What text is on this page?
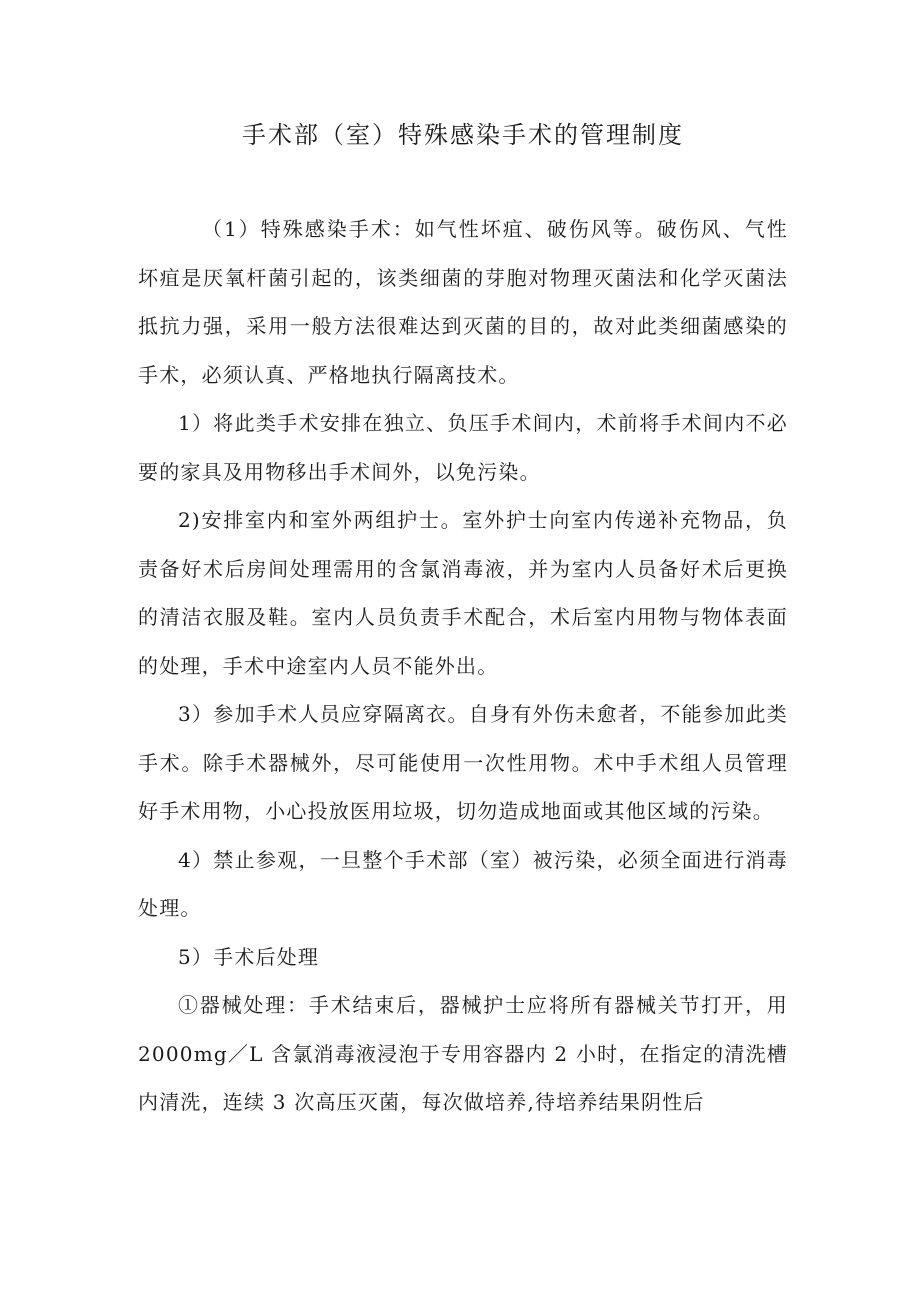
手术部（室）特殊感染手术的管理制度

（1）特殊感染手术：如气性坏疽、破伤风等。破伤风、气性坏疽是厌氧杆菌引起的，该类细菌的芽胞对物理灭菌法和化学灭菌法抵抗力强，采用一般方法很难达到灭菌的目的，故对此类细菌感染的手术，必须认真、严格地执行隔离技术。

1）将此类手术安排在独立、负压手术间内，术前将手术间内不必要的家具及用物移出手术间外，以免污染。

2)安排室内和室外两组护士。室外护士向室内传递补充物品，负责备好术后房间处理需用的含氯消毒液，并为室内人员备好术后更换的清洁衣服及鞋。室内人员负责手术配合，术后室内用物与物体表面的处理，手术中途室内人员不能外出。

3）参加手术人员应穿隔离衣。自身有外伤未愈者，不能参加此类手术。除手术器械外，尽可能使用一次性用物。术中手术组人员管理好手术用物，小心投放医用垃圾，切勿造成地面或其他区域的污染。

4）禁止参观，一旦整个手术部（室）被污染，必须全面进行消毒处理。

5）手术后处理

①器械处理：手术结束后，器械护士应将所有器械关节打开，用 2000mg／L 含氯消毒液浸泡于专用容器内 2 小时，在指定的清洗槽内清洗，连续 3 次高压灭菌，每次做培养,待培养结果阴性后
